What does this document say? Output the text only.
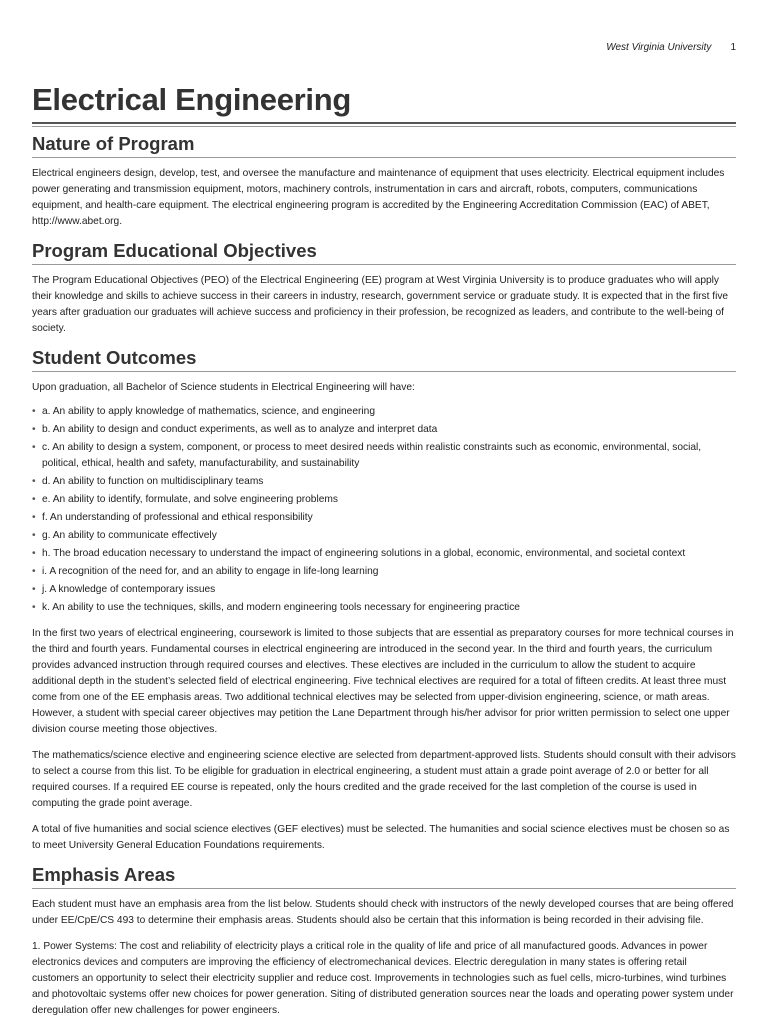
West Virginia University 1
Electrical Engineering
Nature of Program

Electrical engineers design, develop, test, and oversee the manufacture and maintenance of equipment that uses electricity. Electrical equipment includes power generating and transmission equipment, motors, machinery controls, instrumentation in cars and aircraft, robots, computers, communications equipment, and health-care equipment. The electrical engineering program is accredited by the Engineering Accreditation Commission (EAC) of ABET, http://www.abet.org.

Program Educational Objectives

The Program Educational Objectives (PEO) of the Electrical Engineering (EE) program at West Virginia University is to produce graduates who will apply their knowledge and skills to achieve success in their careers in industry, research, government service or graduate study. It is expected that in the first five years after graduation our graduates will achieve success and proficiency in their profession, be recognized as leaders, and contribute to the well-being of society.

Student Outcomes

Upon graduation, all Bachelor of Science students in Electrical Engineering will have:

• a. An ability to apply knowledge of mathematics, science, and engineering
• b. An ability to design and conduct experiments, as well as to analyze and interpret data
• c. An ability to design a system, component, or process to meet desired needs within realistic constraints such as economic, environmental, social, political, ethical, health and safety, manufacturability, and sustainability
• d. An ability to function on multidisciplinary teams
• e. An ability to identify, formulate, and solve engineering problems
• f. An understanding of professional and ethical responsibility
• g. An ability to communicate effectively
• h. The broad education necessary to understand the impact of engineering solutions in a global, economic, environmental, and societal context
• i. A recognition of the need for, and an ability to engage in life-long learning
• j. A knowledge of contemporary issues
• k. An ability to use the techniques, skills, and modern engineering tools necessary for engineering practice

In the first two years of electrical engineering, coursework is limited to those subjects that are essential as preparatory courses for more technical courses in the third and fourth years. Fundamental courses in electrical engineering are introduced in the second year. In the third and fourth years, the curriculum provides advanced instruction through required courses and electives. These electives are included in the curriculum to allow the student to acquire additional depth in the student’s selected field of electrical engineering. Five technical electives are required for a total of fifteen credits. At least three must come from one of the EE emphasis areas. Two additional technical electives may be selected from upper-division engineering, science, or math areas. However, a student with special career objectives may petition the Lane Department through his/her advisor for prior written permission to select one upper division course meeting those objectives.

The mathematics/science elective and engineering science elective are selected from department-approved lists. Students should consult with their advisors to select a course from this list. To be eligible for graduation in electrical engineering, a student must attain a grade point average of 2.0 or better for all required courses. If a required EE course is repeated, only the hours credited and the grade received for the last completion of the course is used in computing the grade point average.

A total of five humanities and social science electives (GEF electives) must be selected. The humanities and social science electives must be chosen so as to meet University General Education Foundations requirements.

Emphasis Areas

Each student must have an emphasis area from the list below. Students should check with instructors of the newly developed courses that are being offered under EE/CpE/CS 493 to determine their emphasis areas. Students should also be certain that this information is being recorded in their advising file.

1. Power Systems: The cost and reliability of electricity plays a critical role in the quality of life and price of all manufactured goods. Advances in power electronics devices and computers are improving the efficiency of electromechanical devices. Electric deregulation in many states is offering retail customers an opportunity to select their electricity supplier and reduce cost. Improvements in technologies such as fuel cells, micro-turbines, wind turbines and photovoltaic systems offer new choices for power generation. Siting of distributed generation sources near the loads and operating power system under deregulation offer new challenges for power engineers.
